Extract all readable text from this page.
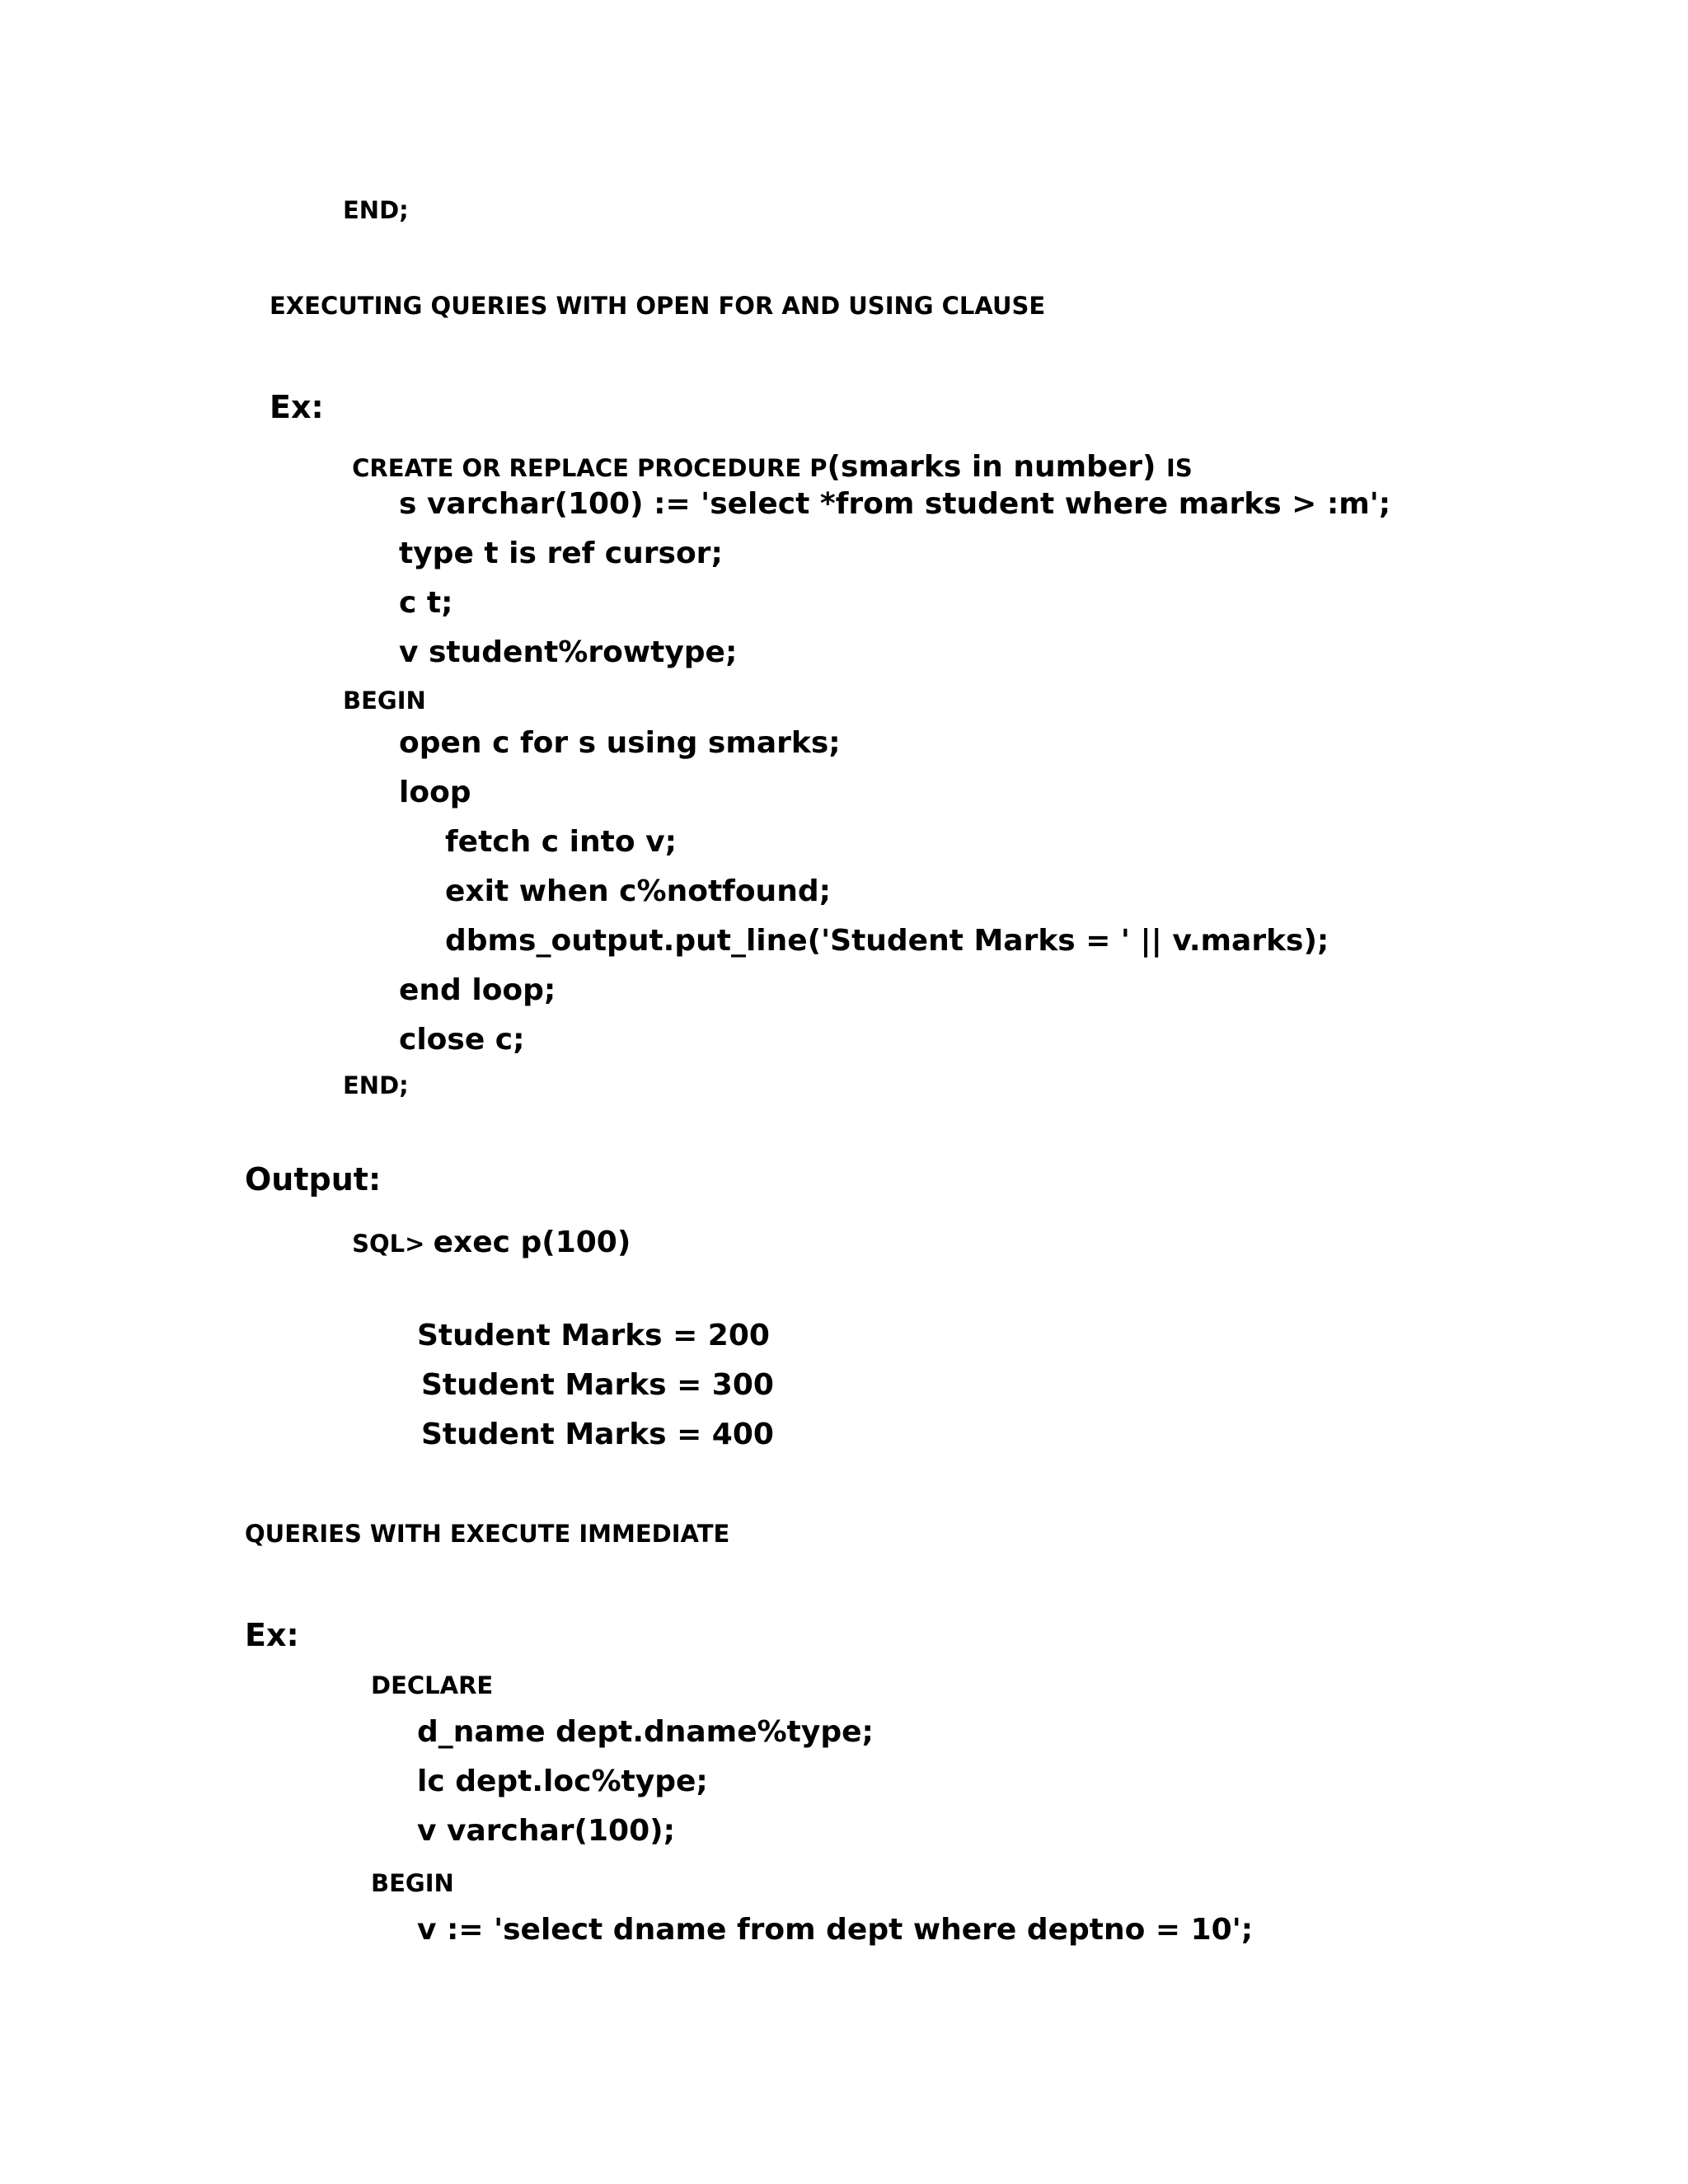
END;
EXECUTING QUERIES WITH OPEN FOR AND USING CLAUSE
Ex:

CREATE OR REPLACE PROCEDURE P(smarks in number) IS

s varchar(100) := 'select *from student where marks > :m';
type t is ref cursor;
c t;
v student%rowtype;
BEGIN
open c for s using smarks;
loop
fetch c into v;
exit when c%notfound;
dbms_output.put_line('Student Marks = ' || v.marks);
end loop;
close c;
END;
Output:

SQL> exec p(100)

Student Marks = 200
Student Marks = 300
Student Marks = 400
QUERIES WITH EXECUTE IMMEDIATE
Ex:
DECLARE
d_name dept.dname%type;
lc dept.loc%type;
v varchar(100);
BEGIN
v := 'select dname from dept where deptno = 10';
